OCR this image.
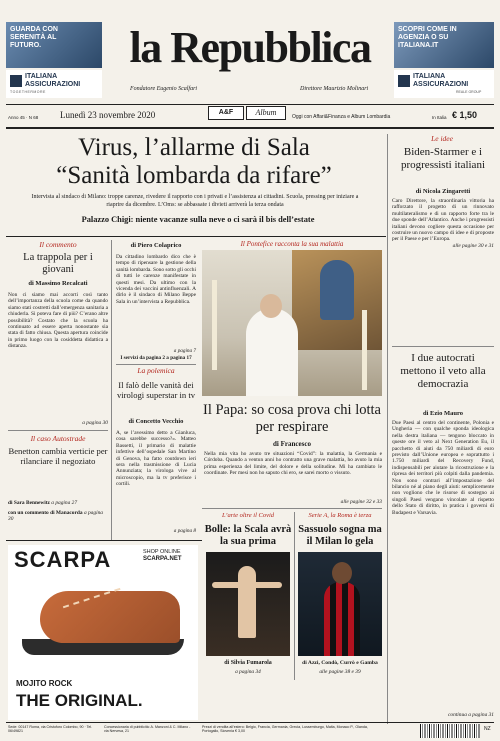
GUARDA CON SERENITÀ AL FUTURO.
ITALIANA ASSICURAZIONI
TOGETHERMORE
SCOPRI COME IN AGENZIA O SU ITALIANA.IT
ITALIANA ASSICURAZIONI
REALE GROUP
la Repubblica
Fondatore Eugenio Scalfari	Direttore Maurizio Molinari
Anno 45 · N 68 Lunedì 23 novembre 2020	A&F	Album	Oggi con Affari&Finanza e Album Lombardia	In Italia € 1,50
Virus, l’allarme di Sala
“Sanità lombarda da rifare”
Intervista al sindaco di Milano: troppe carenze, rivedere il rapporto con i privati e l’assistenza ai cittadini. Scuola, pressing per iniziare a riaprire da dicembre. L’Oms: se abbassate i divieti arriverà la terza ondata
Palazzo Chigi: niente vacanze sulla neve o ci sarà il bis dell’estate
Le idee
Biden-Starmer e i progressisti italiani
di Nicola Zingaretti

Caro Direttore, la straordinaria vittoria ha rafforzato il progetto di un rinnovato multilateralismo e di un rapporto forte tra le due sponde dell’Atlantico. Anche i progressisti italiani devono cogliere questa occasione per costruire un nuovo campo di idee e di proposte per il Paese e per l’Europa.

alle pagine 30 e 31

Il commento
La trappola per i giovani
di Massimo Recalcati

Non ci siamo mai accorti così tanto dell’importanza della scuola come da quando siamo stati costretti dall’emergenza sanitaria a chiuderla. Si poteva fare di più? C’erano altre possibilità? Costato che la scuola ha continuato ad essere aperta nonostante sia stata di fatto chiusa. Questa apertura coincide in primo luogo con la cosiddetta didattica a distanza.

a pagina 30
di Piero Colaprico

Da cittadino lombardo dico che è tempo di ripensare la gestione della sanità lombarda. Sono sotto gli occhi di tutti le carenze manifestate in questi mesi. Da ultimo con la vicenda dei vaccini antinfluenzali. A dirlo è il sindaco di Milano Beppe Sala in un’intervista a Repubblica.

a pagina 7
I servizi da pagina 2 a pagina 17
La polemica
Il falò delle vanità dei virologi superstar in tv
di Concetto Vecchio

A, se l’avessimo detto a Gianluca, cosa sarebbe successo?». Matteo Bassetti, il primario di malattie infettive dell’ospedale San Martino di Genova, ha fatto coutdown ieri sera nella trasmissione di Lucia Annunziata; la virologa vive al microscopio, ma la tv preferisce i cortili.

a pagina 8
Il Pontefice racconta la sua malattia
Il Papa: so cosa prova chi lotta per respirare
di Francesco

Nella mia vita ho avuto tre situazioni “Covid”: la malattia, la Germania e Córdoba. Quando a ventun anni ho contratto una grave malattia, ho avuto la mia prima esperienza del limite, del dolore e della solitudine. Mi ha cambiato le coordinate. Per mesi non ho saputo chi ero, se sarei morto o vissuto.

alle pagine 32 e 33
Il caso Autostrade
Benetton cambia verticie per rilanciare il negoziato
di Sara Bennewitz a pagina 27
con un commento di Manacorda a pagina 30
SCARPA	SHOP ONLINE
SCARPA.NET
MOJITO ROCK
THE ORIGINAL.
L’arte oltre il Covid
Bolle: la Scala avrà la sua prima
di Silvia Fumarola
a pagina 34
Serie A, la Roma è terza
Sassuolo sogna ma il Milan lo gela
di Azzi, Condò, Currò e Gamba
alle pagine 38 e 39
I due autocrati mettono il veto alla democrazia
di Ezio Mauro

Due Paesi al centro del continente, Polonia e Ungheria — con qualche sponda ideologica nella destra italiana — tengono bloccato in queste ore il veto al Next Generation Eu, il pacchetto di aiuti da 750 miliardi di euro previsto dall’Unione europea e soprattutto i 1.750 miliardi del Recovery Fund, indispensabili per aiutare la ricostruzione e la ripresa dei territori più colpiti dalla pandemia. Non sono contrari all’impostazione del bilancio né al piano degli aiuti: semplicemente non vogliono che le risorse di sostegno ai singoli Paesi vengano vincolate al rispetto dello Stato di diritto, in pratica i governi di Budapest e Varsavia.

continua a pagina 31
Sede: 00147 Roma, via Cristoforo Colombo, 90 · Tel. 06/49821
Concessionaria di pubblicità: A. Manzoni & C. Milano - via Nervesa, 21
Prezzi di vendita all’estero: Belgio, Francia, Germania, Grecia, Lussemburgo, Malta, Monaco P., Olanda, Portogallo, Slovenia € 3,00	NZ
